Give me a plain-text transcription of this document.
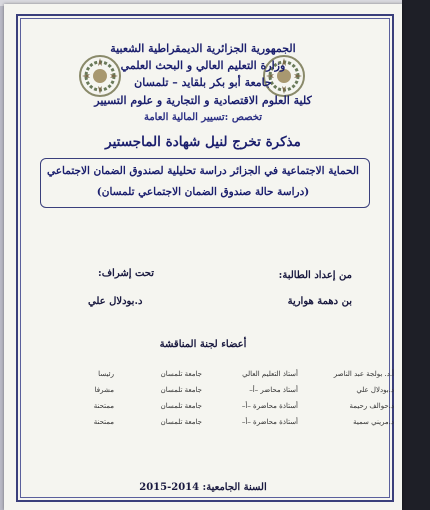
الجمهورية الجزائرية الديمقراطية الشعبية
وزارة التعليم العالي و البحث العلمي
جامعة أبو بكر بلقايد – تلمسان
كلية العلوم الاقتصادية و التجارية و علوم التسيير
تخصص :تسيير المالية العامة
مذكرة تخرج لنيل شهادة الماجستير
الحماية الاجتماعية في الجزائر دراسة تحليلية لصندوق الضمان الاجتماعي
(دراسة حالة صندوق الضمان الاجتماعي تلمسان)
من إعداد الطالبة:
بن دهمة هوارية
تحت إشراف:
د.بودلال علي
أعضاء لجنة المناقشة
أ.د. بولجة عبد الناصر
أستاذ التعليم العالي
جامعة تلمسان
رئيسا
د.بودلال علي
أستاذ محاضر –أ–
جامعة تلمسان
مشرفا
د.حوالف رحيمة
أستاذة محاضرة –أ–
جامعة تلمسان
ممتحنة
د.مريني سمية
أستاذة محاضرة –أ–
جامعة تلمسان
ممتحنة
السنة الجامعية: 2014-2015
